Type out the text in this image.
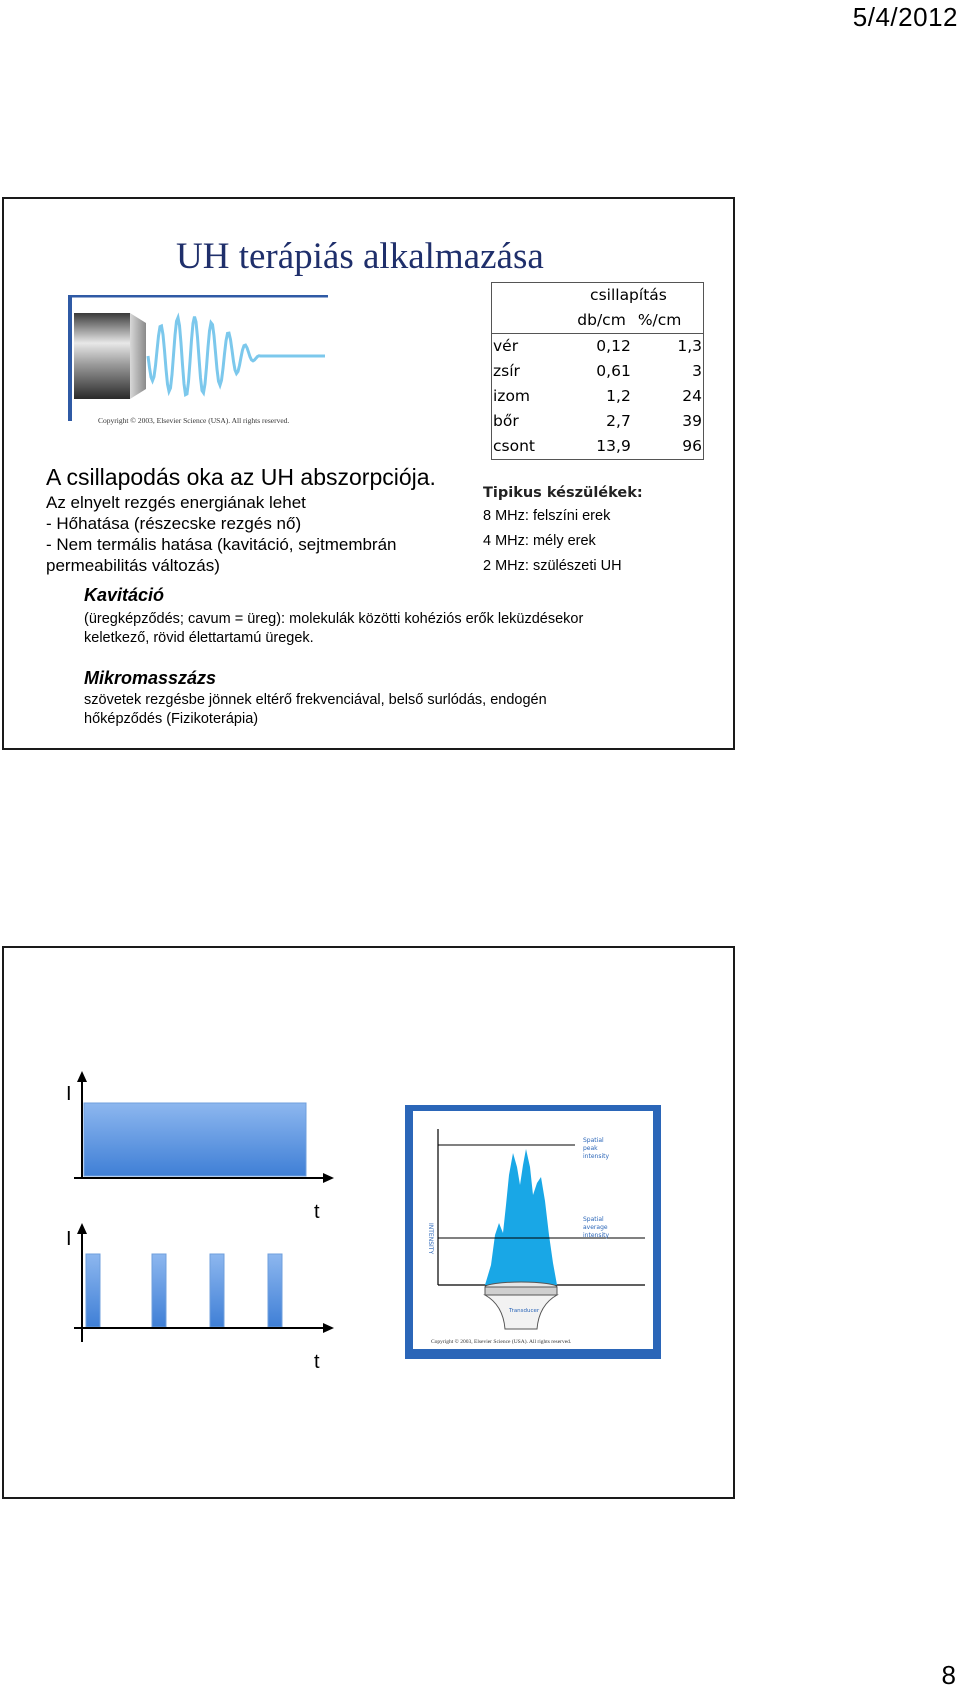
5/4/2012
UH terápiás alkalmazása
Copyright © 2003, Elsevier Science (USA). All rights reserved.
	csillapítás	
	db/cm	%/cm
vér	0,12	1,3
zsír	0,61	3
izom	1,2	24
bőr	2,7	39
csont	13,9	96
A csillapodás oka az UH abszorpciója.
Az elnyelt rezgés energiának lehet
- Hőhatása (részecske rezgés nő)
- Nem termális hatása (kavitáció, sejtmembrán
permeabilitás változás)
Tipikus készülékek:
8 MHz: felszíni erek
4 MHz: mély erek
2 MHz: szülészeti UH
Kavitáció
(üregképződés; cavum = üreg): molekulák közötti kohéziós erők leküzdésekor
keletkező, rövid élettartamú üregek.
Mikromasszázs
szövetek rezgésbe jönnek eltérő frekvenciával, belső surlódás, endogén
hőképződés (Fizikoterápia)
I
t
I
t
INTENSITY
Spatial
peak
intensity
Spatial
average
intensity
Transducer
Copyright © 2003, Elsevier Science (USA). All rights reserved.
8
